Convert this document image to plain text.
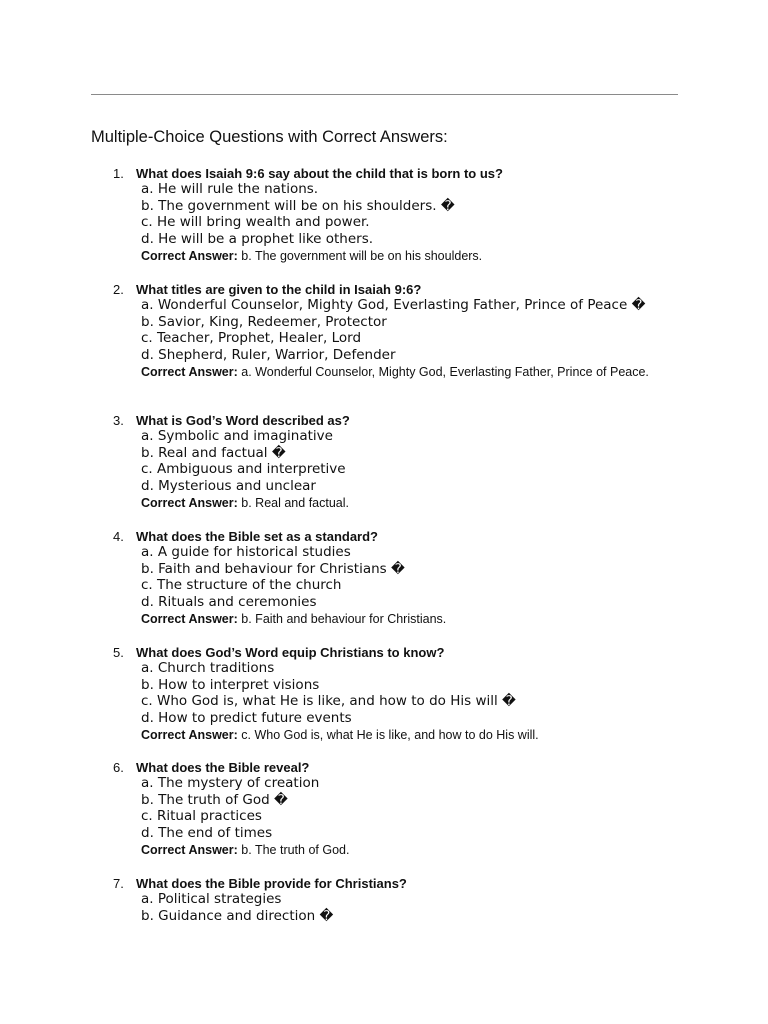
Multiple-Choice Questions with Correct Answers:
1. What does Isaiah 9:6 say about the child that is born to us?
a. He will rule the nations.
b. The government will be on his shoulders. �
c. He will bring wealth and power.
d. He will be a prophet like others.
Correct Answer: b. The government will be on his shoulders.
2. What titles are given to the child in Isaiah 9:6?
a. Wonderful Counselor, Mighty God, Everlasting Father, Prince of Peace �
b. Savior, King, Redeemer, Protector
c. Teacher, Prophet, Healer, Lord
d. Shepherd, Ruler, Warrior, Defender
Correct Answer: a. Wonderful Counselor, Mighty God, Everlasting Father, Prince of Peace.
3. What is God’s Word described as?
a. Symbolic and imaginative
b. Real and factual �
c. Ambiguous and interpretive
d. Mysterious and unclear
Correct Answer: b. Real and factual.
4. What does the Bible set as a standard?
a. A guide for historical studies
b. Faith and behaviour for Christians �
c. The structure of the church
d. Rituals and ceremonies
Correct Answer: b. Faith and behaviour for Christians.
5. What does God’s Word equip Christians to know?
a. Church traditions
b. How to interpret visions
c. Who God is, what He is like, and how to do His will �
d. How to predict future events
Correct Answer: c. Who God is, what He is like, and how to do His will.
6. What does the Bible reveal?
a. The mystery of creation
b. The truth of God �
c. Ritual practices
d. The end of times
Correct Answer: b. The truth of God.
7. What does the Bible provide for Christians?
a. Political strategies
b. Guidance and direction �
